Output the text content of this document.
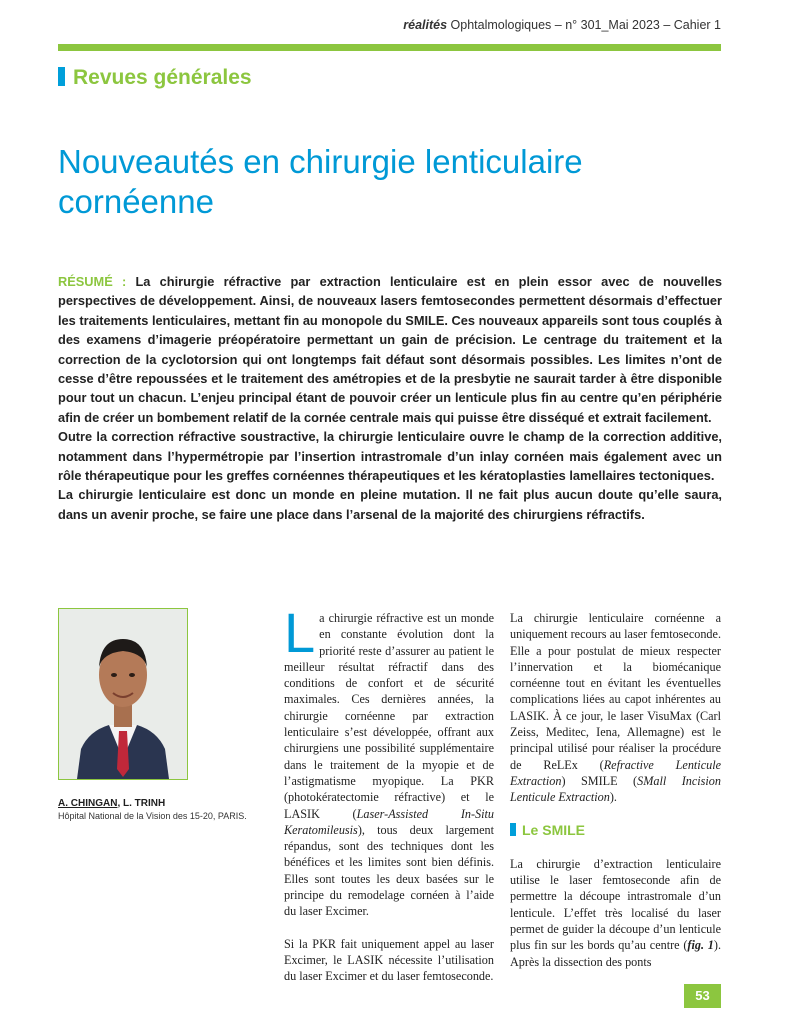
réalités Ophtalmologiques – n° 301_Mai 2023 – Cahier 1
Revues générales
Nouveautés en chirurgie lenticulaire cornéenne

RÉSUMÉ : La chirurgie réfractive par extraction lenticulaire est en plein essor avec de nouvelles perspectives de développement. Ainsi, de nouveaux lasers femtosecondes permettent désormais d’effectuer les traitements lenticulaires, mettant fin au monopole du SMILE. Ces nouveaux appareils sont tous couplés à des examens d’imagerie préopératoire permettant un gain de précision. Le centrage du traitement et la correction de la cyclotorsion qui ont longtemps fait défaut sont désormais possibles. Les limites n’ont de cesse d’être repoussées et le traitement des amétropies et de la presbytie ne saurait tarder à être disponible pour tout un chacun. L’enjeu principal étant de pouvoir créer un lenticule plus fin au centre qu’en périphérie afin de créer un bombement relatif de la cornée centrale mais qui puisse être disséqué et extrait facilement.

Outre la correction réfractive soustractive, la chirurgie lenticulaire ouvre le champ de la correction additive, notamment dans l’hypermétropie par l’insertion intrastromale d’un inlay cornéen mais également avec un rôle thérapeutique pour les greffes cornéennes thérapeutiques et les kératoplasties lamellaires tectoniques.

La chirurgie lenticulaire est donc un monde en pleine mutation. Il ne fait plus aucun doute qu’elle saura, dans un avenir proche, se faire une place dans l’arsenal de la majorité des chirurgiens réfractifs.

A. CHINGAN, L. TRINH
Hôpital National de la Vision des 15-20, PARIS.

La chirurgie réfractive est un monde en constante évolution dont la priorité reste d’assurer au patient le meilleur résultat réfractif dans des conditions de confort et de sécurité maximales. Ces dernières années, la chirurgie cornéenne par extraction lenticulaire s’est développée, offrant aux chirurgiens une possibilité supplémentaire dans le traitement de la myopie et de l’astigmatisme myopique. La PKR (photokératectomie réfractive) et le LASIK (Laser-Assisted In-Situ Keratomileusis), tous deux largement répandus, sont des techniques dont les bénéfices et les limites sont bien définis. Elles sont toutes les deux basées sur le principe du remodelage cornéen à l’aide du laser Excimer.

Si la PKR fait uniquement appel au laser Excimer, le LASIK nécessite l’utilisation du laser Excimer et du laser femtoseconde.

La chirurgie lenticulaire cornéenne a uniquement recours au laser femtoseconde. Elle a pour postulat de mieux respecter l’innervation et la biomécanique cornéenne tout en évitant les éventuelles complications liées au capot inhérentes au LASIK. À ce jour, le laser VisuMax (Carl Zeiss, Meditec, Iena, Allemagne) est le principal utilisé pour réaliser la procédure de ReLEx (Refractive Lenticule Extraction) SMILE (SMall Incision Lenticule Extraction).

Le SMILE

La chirurgie d’extraction lenticulaire utilise le laser femtoseconde afin de permettre la découpe intrastromale d’un lenticule. L’effet très localisé du laser permet de guider la découpe d’un lenticule plus fin sur les bords qu’au centre (fig. 1). Après la dissection des ponts

53
